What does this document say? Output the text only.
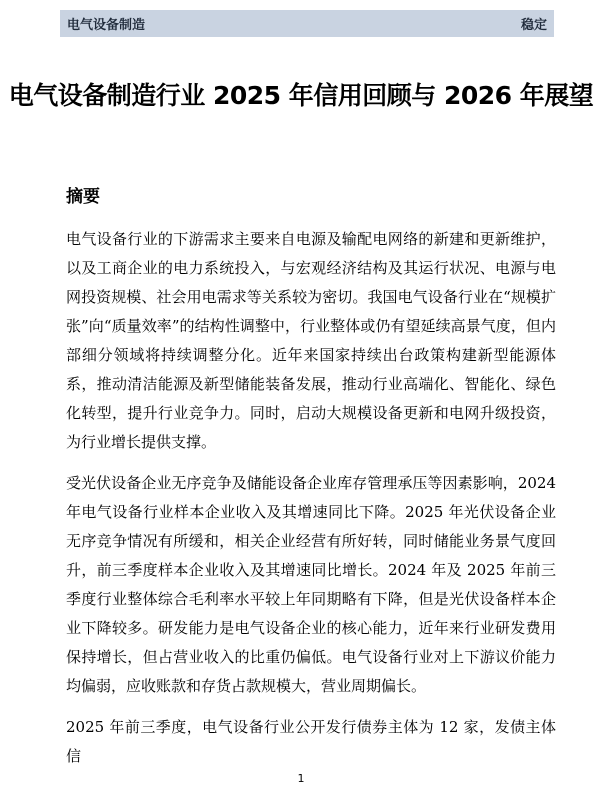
电气设备制造	稳定
电气设备制造行业 2025 年信用回顾与 2026 年展望
摘要

电气设备行业的下游需求主要来自电源及输配电网络的新建和更新维护，以及工商企业的电力系统投入，与宏观经济结构及其运行状况、电源与电网投资规模、社会用电需求等关系较为密切。我国电气设备行业在“规模扩张”向“质量效率”的结构性调整中，行业整体或仍有望延续高景气度，但内部细分领域将持续调整分化。近年来国家持续出台政策构建新型能源体系，推动清洁能源及新型储能装备发展，推动行业高端化、智能化、绿色化转型，提升行业竞争力。同时，启动大规模设备更新和电网升级投资，为行业增长提供支撑。

受光伏设备企业无序竞争及储能设备企业库存管理承压等因素影响，2024 年电气设备行业样本企业收入及其增速同比下降。2025 年光伏设备企业无序竞争情况有所缓和，相关企业经营有所好转，同时储能业务景气度回升，前三季度样本企业收入及其增速同比增长。2024 年及 2025 年前三季度行业整体综合毛利率水平较上年同期略有下降，但是光伏设备样本企业下降较多。研发能力是电气设备企业的核心能力，近年来行业研发费用保持增长，但占营业收入的比重仍偏低。电气设备行业对上下游议价能力均偏弱，应收账款和存货占款规模大，营业周期偏长。

2025 年前三季度，电气设备行业公开发行债券主体为 12 家，发债主体信

1
